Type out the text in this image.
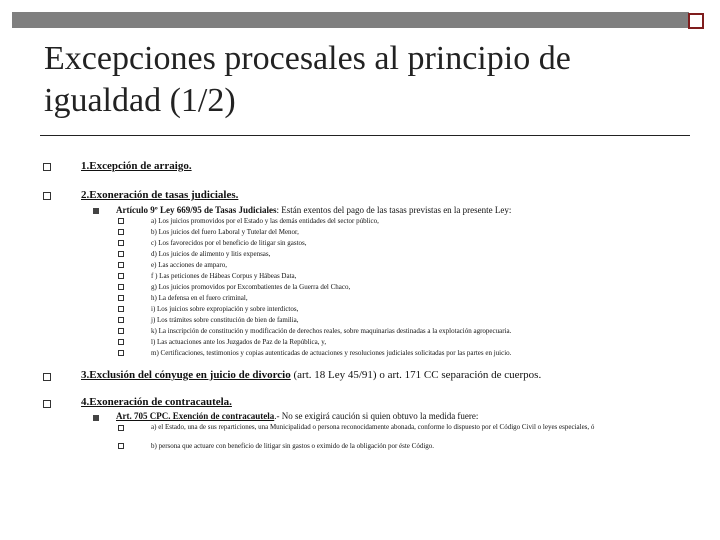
Excepciones procesales al principio de igualdad (1/2)
1.Excepción de arraigo.
2.Exoneración de tasas judiciales.
Artículo 9º Ley 669/95 de Tasas Judiciales: Están exentos del pago de las tasas previstas en la presente Ley:
a) Los juicios promovidos por el Estado y las demás entidades del sector público,
b) Los juicios del fuero Laboral y Tutelar del Menor,
c) Los favorecidos por el beneficio de litigar sin gastos,
d) Los juicios de alimento y litis expensas,
e) Las acciones de amparo,
f ) Las peticiones de Hábeas Corpus y Hábeas Data,
g) Los juicios promovidos por Excombatientes de la Guerra del Chaco,
h) La defensa en el fuero criminal,
i) Los juicios sobre expropiación y sobre interdictos,
j) Los trámites sobre constitución de bien de familia,
k) La inscripción de constitución y modificación de derechos reales, sobre maquinarias destinadas a la explotación agropecuaria.
l) Las actuaciones ante los Juzgados de Paz de la República, y,
m) Certificaciones, testimonios y copias autenticadas de actuaciones y resoluciones judiciales solicitadas por las partes en juicio.
3.Exclusión del cónyuge en juicio de divorcio (art. 18 Ley 45/91) o art. 171 CC separación de cuerpos.
4.Exoneración de contracautela.
Art. 705 CPC. Exención de contracautela.- No se exigirá caución si quien obtuvo la medida fuere:
a) el Estado, una de sus reparticiones, una Municipalidad o persona reconocidamente abonada, conforme lo dispuesto por el Código Civil o leyes especiales, ó
b) persona que actuare con beneficio de litigar sin gastos o eximido de la obligación por éste Código.
